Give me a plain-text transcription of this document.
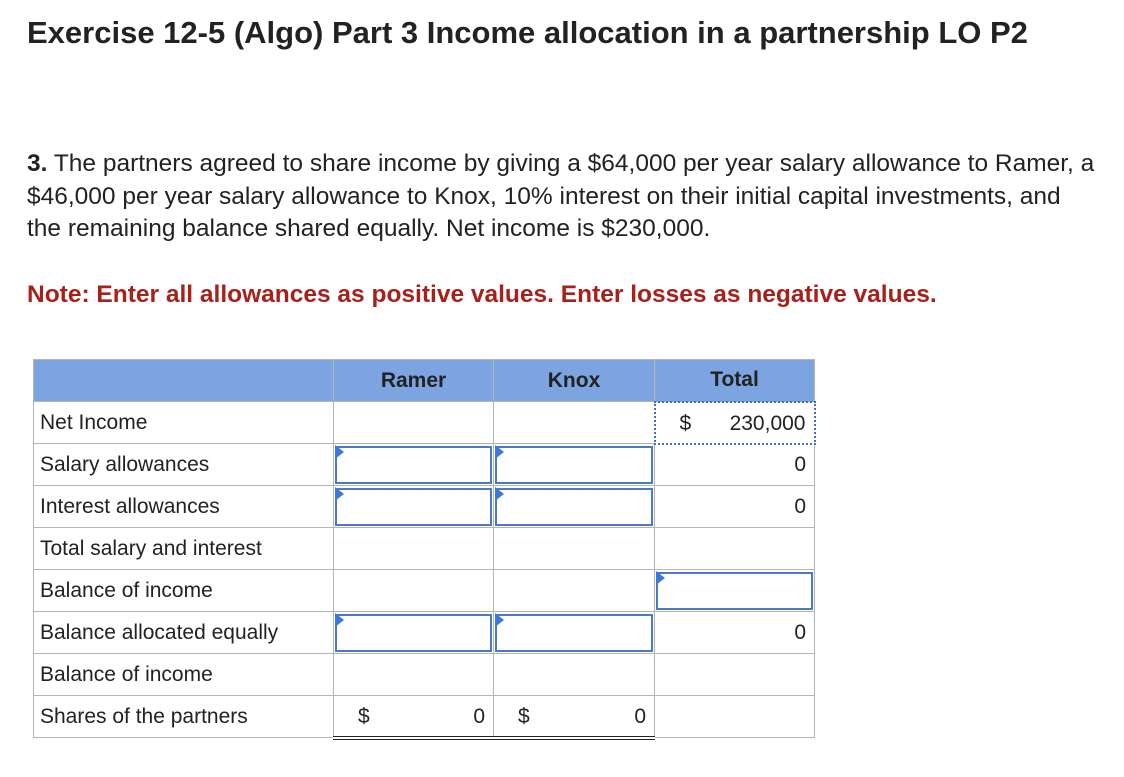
Exercise 12-5 (Algo) Part 3 Income allocation in a partnership LO P2
3. The partners agreed to share income by giving a $64,000 per year salary allowance to Ramer, a $46,000 per year salary allowance to Knox, 10% interest on their initial capital investments, and the remaining balance shared equally. Net income is $230,000.
Note: Enter all allowances as positive values. Enter losses as negative values.
	Ramer	Knox	Total
Net Income			$ 230,000

Salary allowances			0
Interest allowances			0
Total salary and interest			
Balance of income			

Balance allocated equally			0
Balance of income			
Shares of the partners	$ 0	$ 0	
